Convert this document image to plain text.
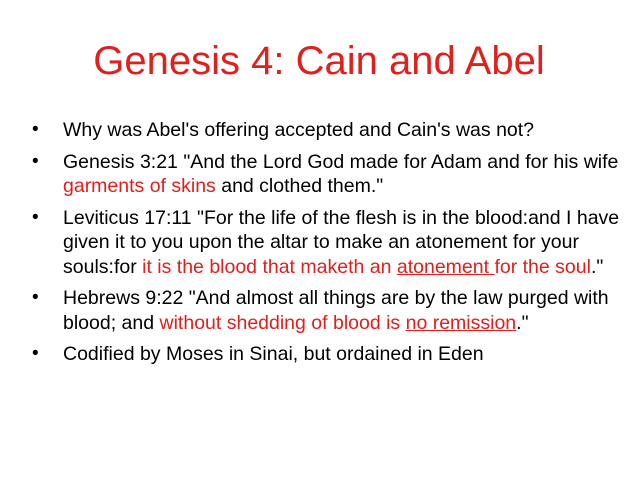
Genesis 4: Cain and Abel
• Why was Abel's offering accepted and Cain's was not?
• Genesis 3:21 "And the Lord God made for Adam and for his wife garments of skins and clothed them."
• Leviticus 17:11 "For the life of the flesh is in the blood:and I have given it to you upon the altar to make an atonement for your souls:for it is the blood that maketh an atonement for the soul."
• Hebrews 9:22 "And almost all things are by the law purged with blood; and without shedding of blood is no remission."
• Codified by Moses in Sinai, but ordained in Eden
